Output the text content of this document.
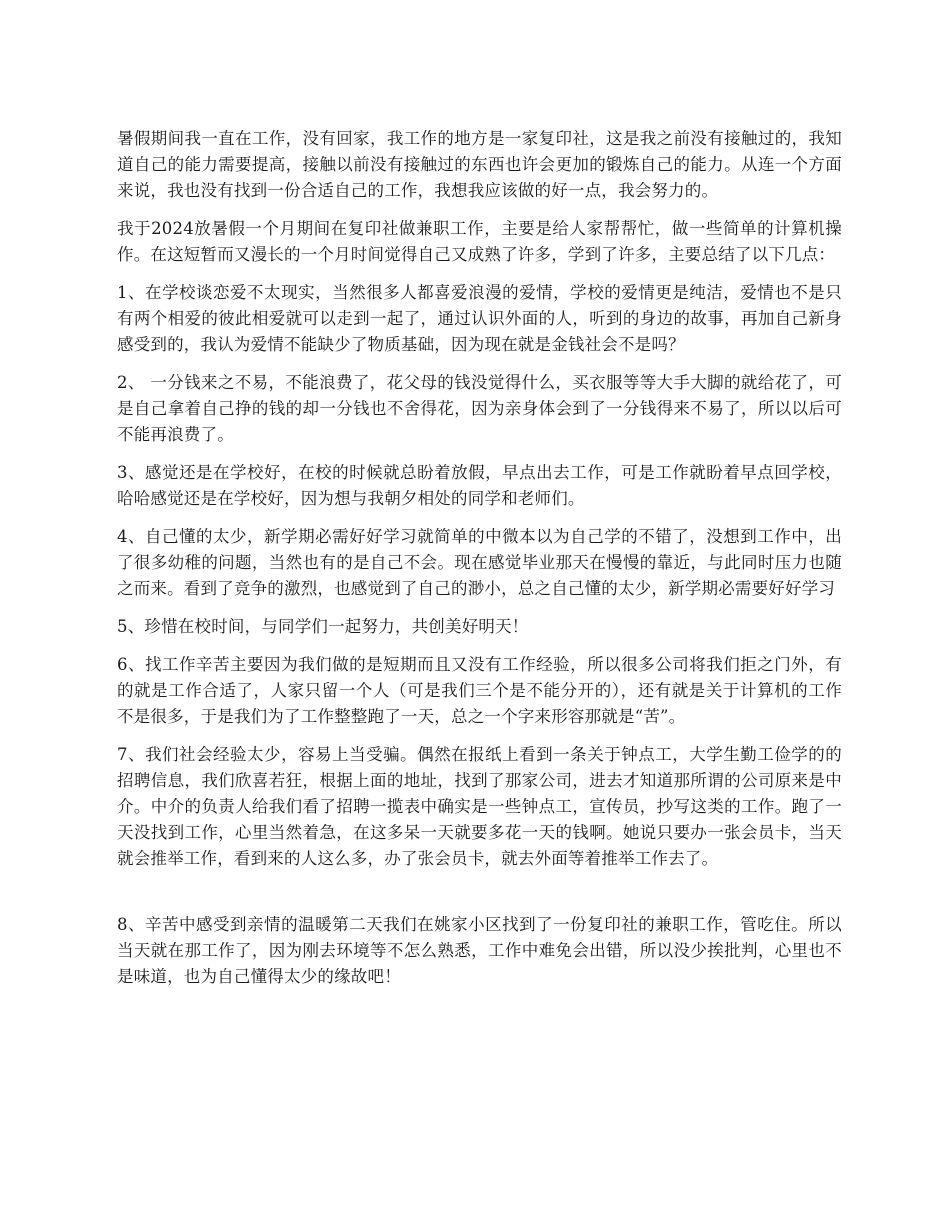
暑假期间我一直在工作，没有回家，我工作的地方是一家复印社，这是我之前没有接触过的，我知道自己的能力需要提高，接触以前没有接触过的东西也许会更加的锻炼自己的能力。从连一个方面来说，我也没有找到一份合适自己的工作，我想我应该做的好一点，我会努力的。

我于2024放暑假一个月期间在复印社做兼职工作，主要是给人家帮帮忙，做一些简单的计算机操作。在这短暂而又漫长的一个月时间觉得自己又成熟了许多，学到了许多，主要总结了以下几点：

1、在学校谈恋爱不太现实，当然很多人都喜爱浪漫的爱情，学校的爱情更是纯洁，爱情也不是只有两个相爱的彼此相爱就可以走到一起了，通过认识外面的人，听到的身边的故事，再加自己新身感受到的，我认为爱情不能缺少了物质基础，因为现在就是金钱社会不是吗？

2、 一分钱来之不易，不能浪费了，花父母的钱没觉得什么，买衣服等等大手大脚的就给花了，可是自己拿着自己挣的钱的却一分钱也不舍得花，因为亲身体会到了一分钱得来不易了，所以以后可不能再浪费了。

3、感觉还是在学校好，在校的时候就总盼着放假，早点出去工作，可是工作就盼着早点回学校，哈哈感觉还是在学校好，因为想与我朝夕相处的同学和老师们。

4、自己懂的太少，新学期必需好好学习就简单的中微本以为自己学的不错了，没想到工作中，出了很多幼稚的问题，当然也有的是自己不会。现在感觉毕业那天在慢慢的靠近，与此同时压力也随之而来。看到了竞争的激烈，也感觉到了自己的渺小，总之自己懂的太少，新学期必需要好好学习

5、珍惜在校时间，与同学们一起努力，共创美好明天！

6、找工作辛苦主要因为我们做的是短期而且又没有工作经验，所以很多公司将我们拒之门外，有的就是工作合适了，人家只留一个人（可是我们三个是不能分开的），还有就是关于计算机的工作不是很多，于是我们为了工作整整跑了一天，总之一个字来形容那就是“苦”。

7、我们社会经验太少，容易上当受骗。偶然在报纸上看到一条关于钟点工，大学生勤工俭学的的招聘信息，我们欣喜若狂，根据上面的地址，找到了那家公司，进去才知道那所谓的公司原来是中介。中介的负责人给我们看了招聘一揽表中确实是一些钟点工，宣传员，抄写这类的工作。跑了一天没找到工作，心里当然着急，在这多呆一天就要多花一天的钱啊。她说只要办一张会员卡，当天就会推举工作，看到来的人这么多，办了张会员卡，就去外面等着推举工作去了。

8、辛苦中感受到亲情的温暖第二天我们在姚家小区找到了一份复印社的兼职工作，管吃住。所以当天就在那工作了，因为刚去环境等不怎么熟悉，工作中难免会出错，所以没少挨批判，心里也不是味道，也为自己懂得太少的缘故吧！
